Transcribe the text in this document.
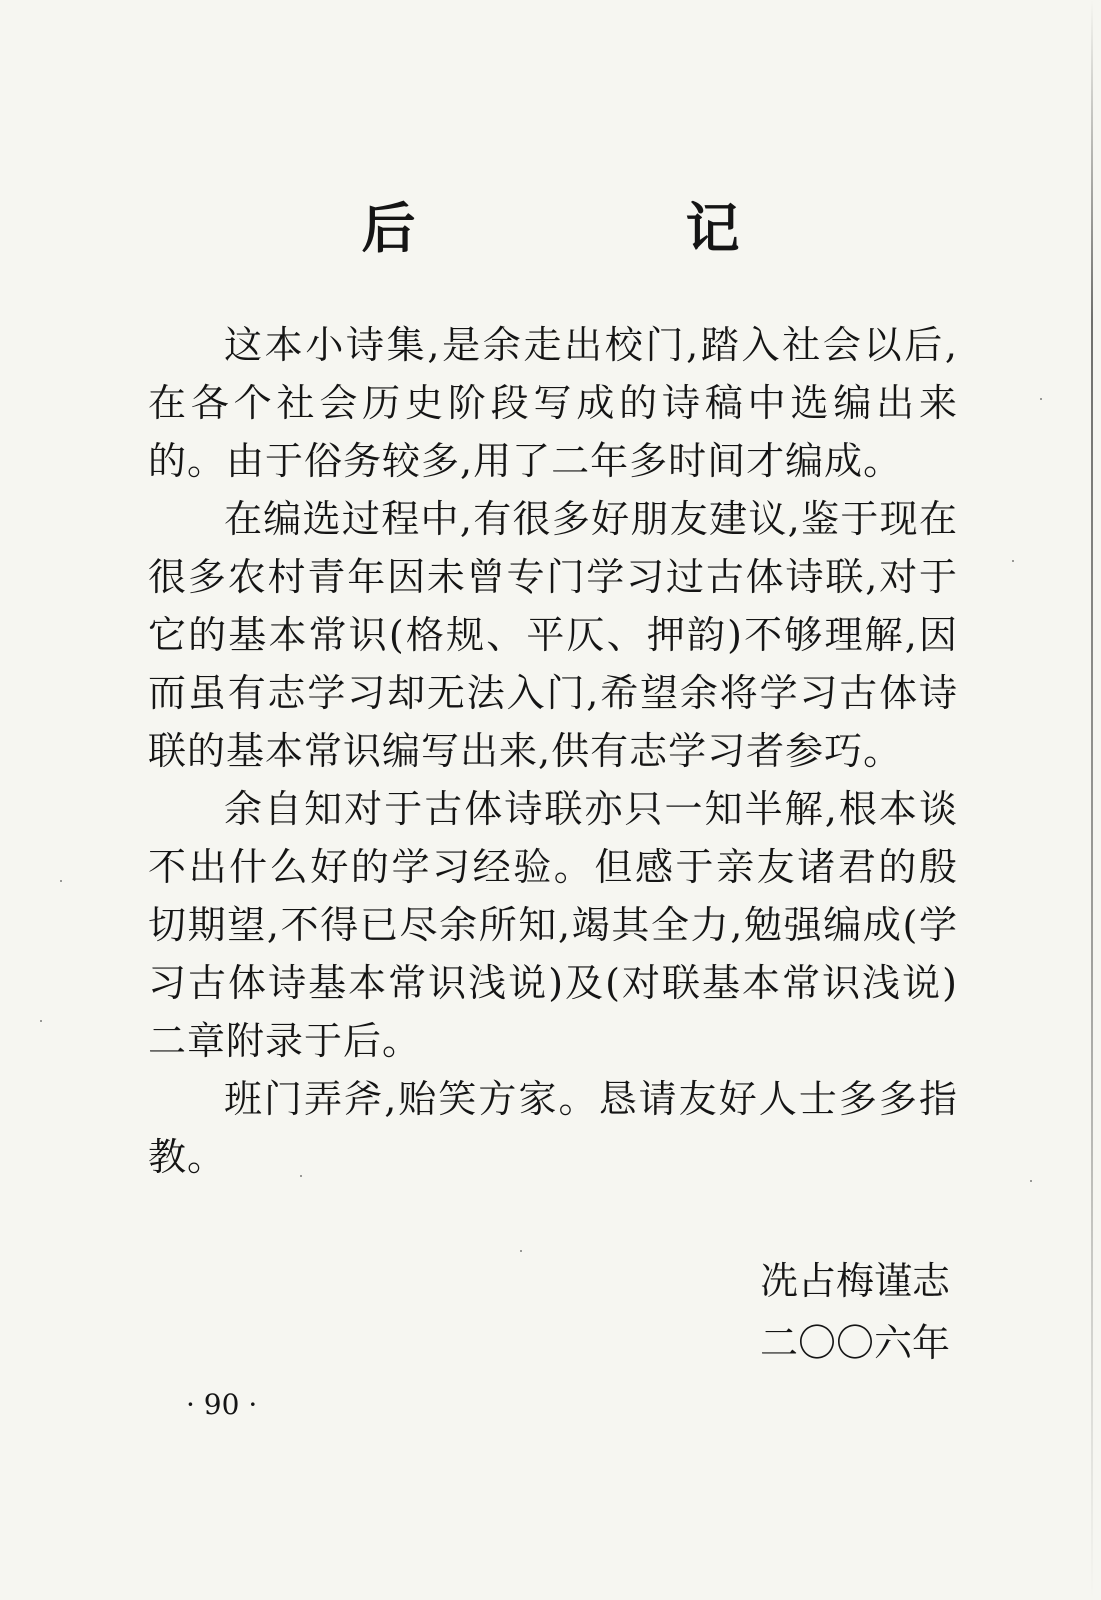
后　记

这本小诗集,是余走出校门,踏入社会以后,在各个社会历史阶段写成的诗稿中选编出来的。由于俗务较多,用了二年多时间才编成。

在编选过程中,有很多好朋友建议,鉴于现在很多农村青年因未曾专门学习过古体诗联,对于它的基本常识(格规、平仄、押韵)不够理解,因而虽有志学习却无法入门,希望余将学习古体诗联的基本常识编写出来,供有志学习者参巧。

余自知对于古体诗联亦只一知半解,根本谈不出什么好的学习经验。但感于亲友诸君的殷切期望,不得已尽余所知,竭其全力,勉强编成(学习古体诗基本常识浅说)及(对联基本常识浅说)二章附录于后。

班门弄斧,贻笑方家。恳请友好人士多多指教。

冼占梅谨志
二〇〇六年
· 90 ·
